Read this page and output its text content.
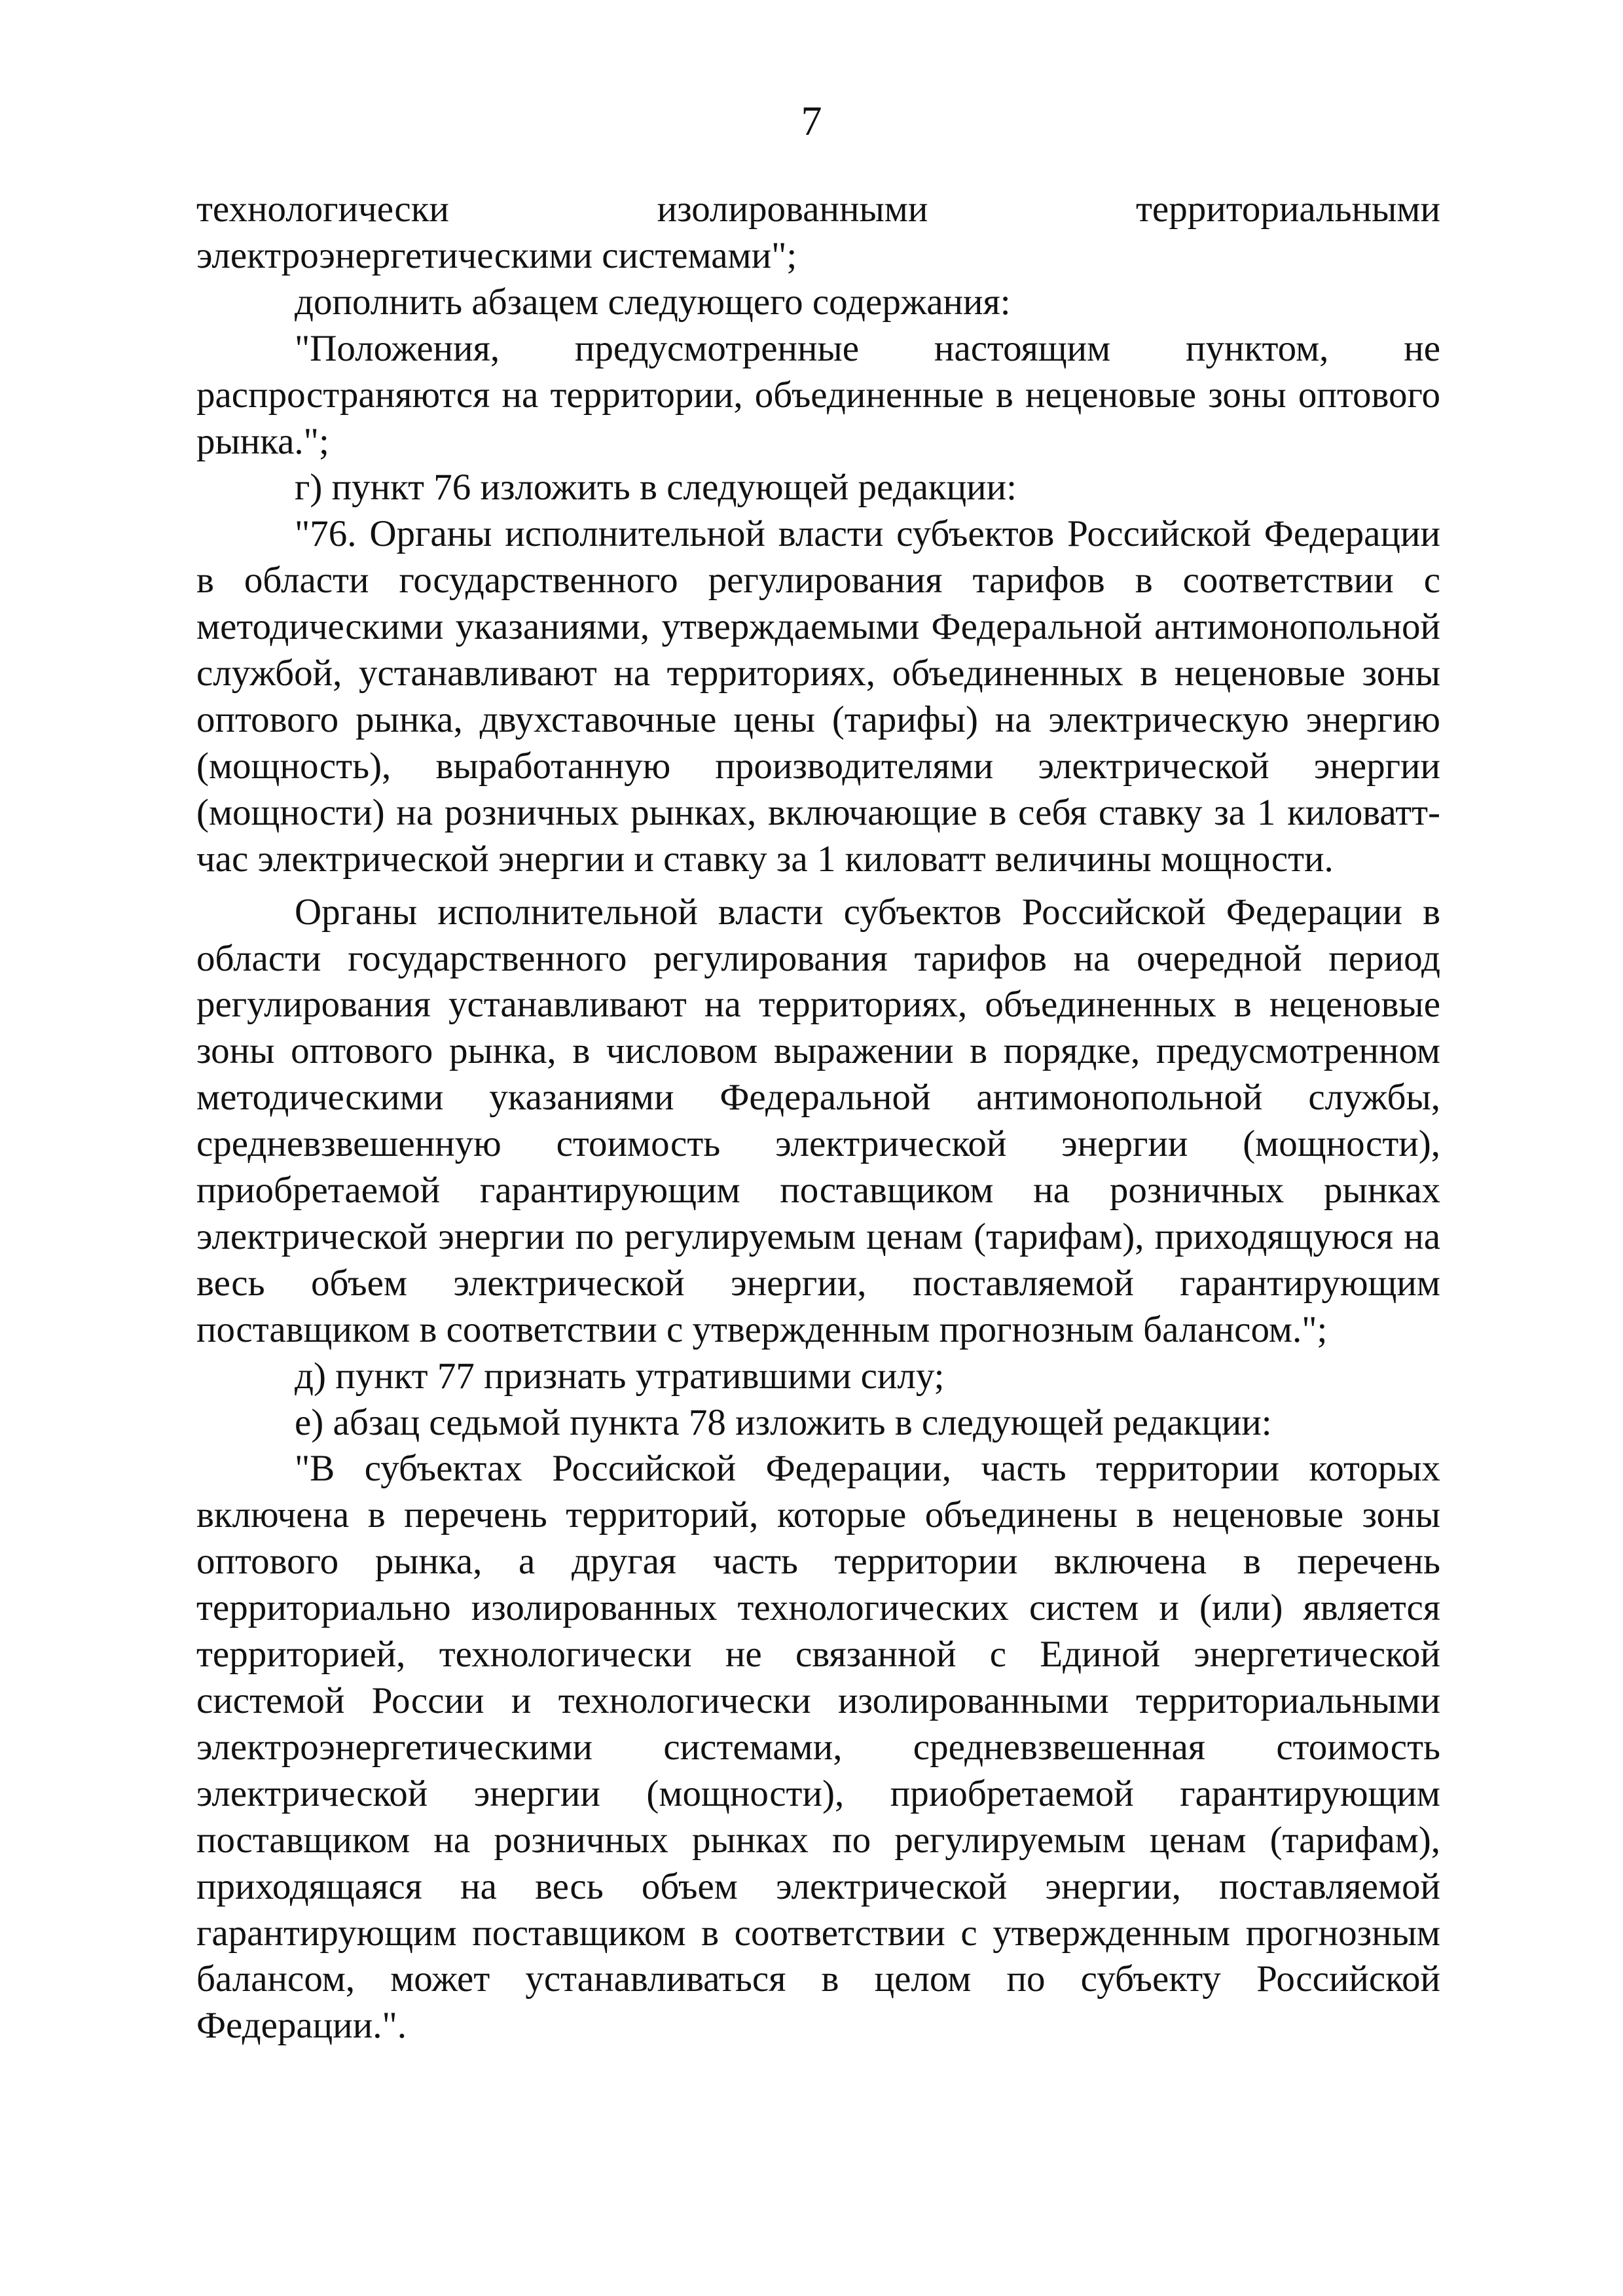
7

технологически изолированными территориальными электроэнергетическими системами";

дополнить абзацем следующего содержания:

"Положения, предусмотренные настоящим пунктом, не распространяются на территории, объединенные в неценовые зоны оптового рынка.";

г) пункт 76 изложить в следующей редакции:

"76. Органы исполнительной власти субъектов Российской Федерации в области государственного регулирования тарифов в соответствии с методическими указаниями, утверждаемыми Федеральной антимонопольной службой, устанавливают на территориях, объединенных в неценовые зоны оптового рынка, двухставочные цены (тарифы) на электрическую энергию (мощность), выработанную производителями электрической энергии (мощности) на розничных рынках, включающие в себя ставку за 1 киловатт-час электрической энергии и ставку за 1 киловатт величины мощности.

Органы исполнительной власти субъектов Российской Федерации в области государственного регулирования тарифов на очередной период регулирования устанавливают на территориях, объединенных в неценовые зоны оптового рынка, в числовом выражении в порядке, предусмотренном методическими указаниями Федеральной антимонопольной службы, средневзвешенную стоимость электрической энергии (мощности), приобретаемой гарантирующим поставщиком на розничных рынках электрической энергии по регулируемым ценам (тарифам), приходящуюся на весь объем электрической энергии, поставляемой гарантирующим поставщиком в соответствии с утвержденным прогнозным балансом.";

д) пункт 77 признать утратившими силу;

е) абзац седьмой пункта 78 изложить в следующей редакции:

"В субъектах Российской Федерации, часть территории которых включена в перечень территорий, которые объединены в неценовые зоны оптового рынка, а другая часть территории включена в перечень территориально изолированных технологических систем и (или) является территорией, технологически не связанной с Единой энергетической системой России и технологически изолированными территориальными электроэнергетическими системами, средневзвешенная стоимость электрической энергии (мощности), приобретаемой гарантирующим поставщиком на розничных рынках по регулируемым ценам (тарифам), приходящаяся на весь объем электрической энергии, поставляемой гарантирующим поставщиком в соответствии с утвержденным прогнозным балансом, может устанавливаться в целом по субъекту Российской Федерации.".
